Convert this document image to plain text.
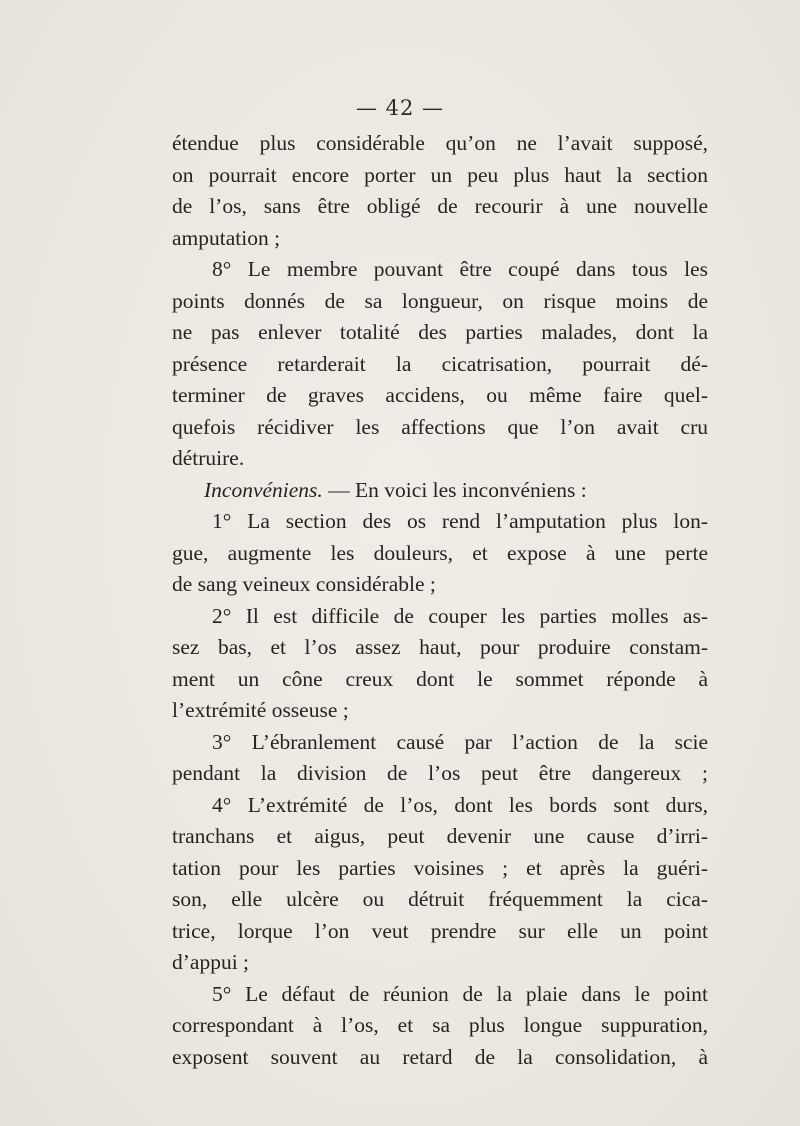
— 42 —
étendue plus considérable qu’on ne l’avait supposé,
on pourrait encore porter un peu plus haut la section
de l’os, sans être obligé de recourir à une nouvelle
amputation ;
8° Le membre pouvant être coupé dans tous les
points donnés de sa longueur, on risque moins de
ne pas enlever totalité des parties malades, dont la
présence retarderait la cicatrisation, pourrait dé-
terminer de graves accidens, ou même faire quel-
quefois récidiver les affections que l’on avait cru
détruire.
Inconvéniens. — En voici les inconvéniens :
1° La section des os rend l’amputation plus lon-
gue, augmente les douleurs, et expose à une perte
de sang veineux considérable ;
2° Il est difficile de couper les parties molles as-
sez bas, et l’os assez haut, pour produire constam-
ment un cône creux dont le sommet réponde à
l’extrémité osseuse ;
3° L’ébranlement causé par l’action de la scie
pendant la division de l’os peut être dangereux ;
4° L’extrémité de l’os, dont les bords sont durs,
tranchans et aigus, peut devenir une cause d’irri-
tation pour les parties voisines ; et après la guéri-
son, elle ulcère ou détruit fréquemment la cica-
trice, lorque l’on veut prendre sur elle un point
d’appui ;
5° Le défaut de réunion de la plaie dans le point
correspondant à l’os, et sa plus longue suppuration,
exposent souvent au retard de la consolidation, à
